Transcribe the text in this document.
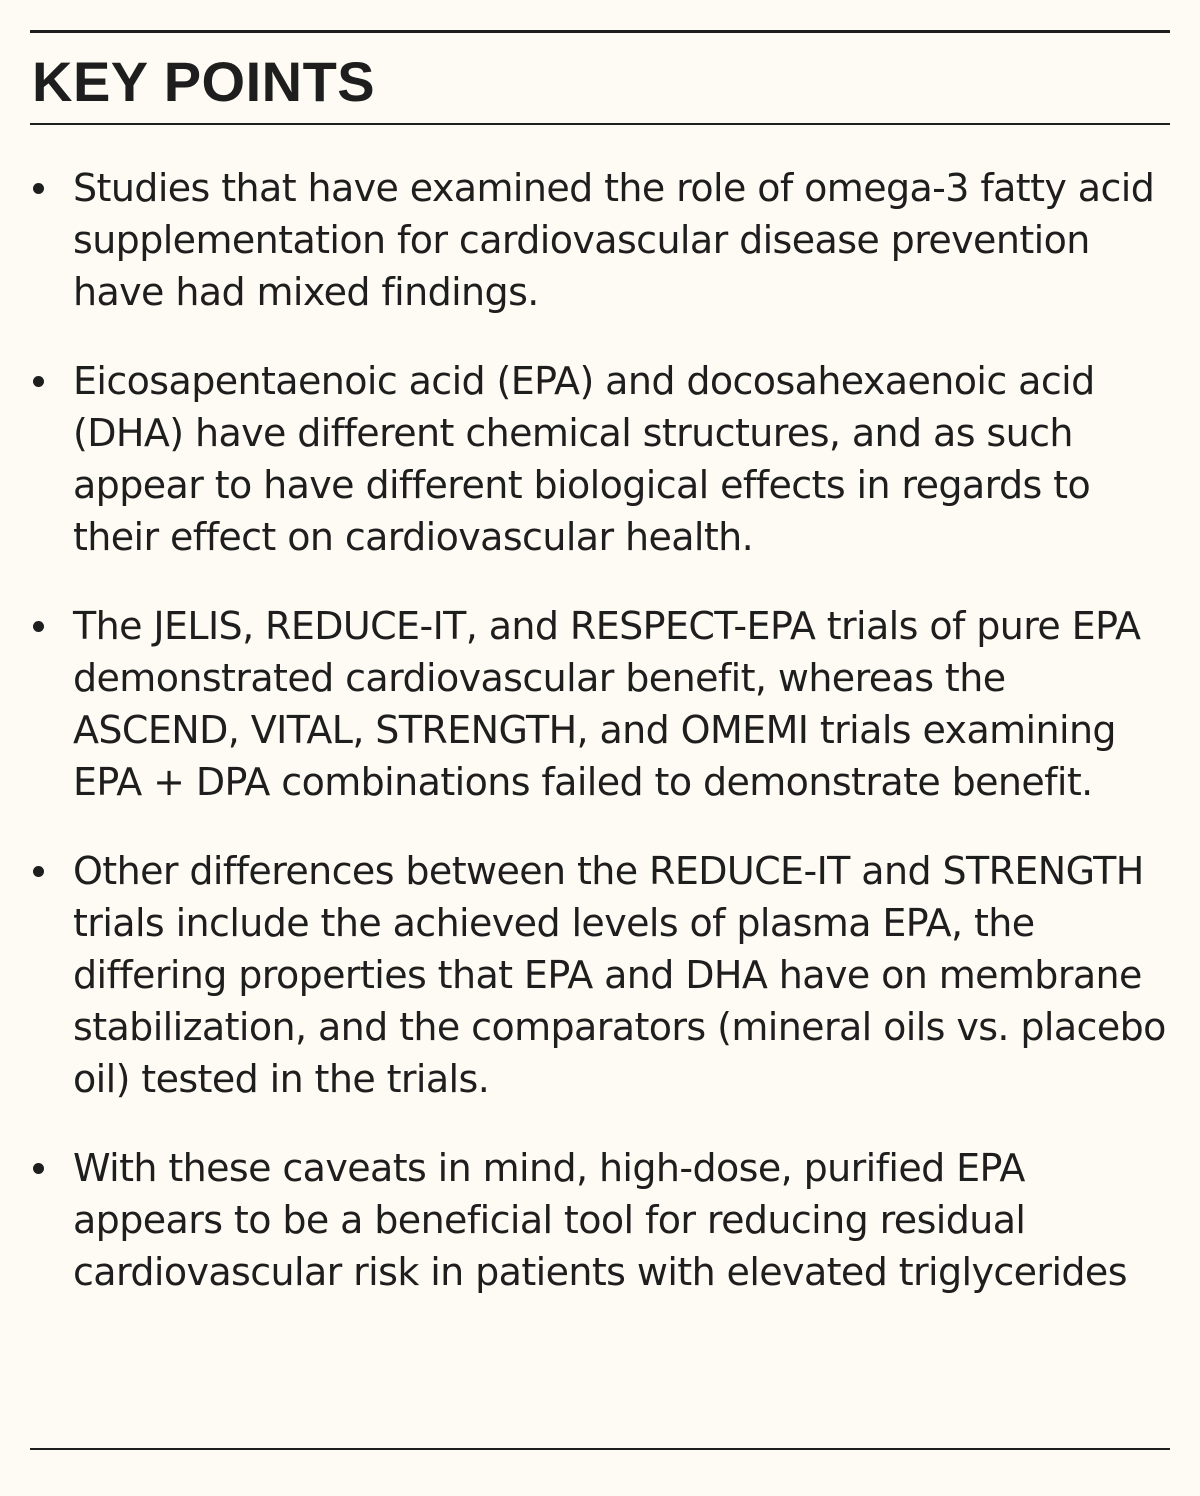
KEY POINTS
Studies that have examined the role of omega-3 fatty acid supplementation for cardiovascular disease prevention have had mixed findings.
Eicosapentaenoic acid (EPA) and docosahexaenoic acid (DHA) have different chemical structures, and as such appear to have different biological effects in regards to their effect on cardiovascular health.
The JELIS, REDUCE-IT, and RESPECT-EPA trials of pure EPA demonstrated cardiovascular benefit, whereas the ASCEND, VITAL, STRENGTH, and OMEMI trials examining EPA + DPA combinations failed to demonstrate benefit.
Other differences between the REDUCE-IT and STRENGTH trials include the achieved levels of plasma EPA, the differing properties that EPA and DHA have on membrane stabilization, and the comparators (mineral oils vs. placebo oil) tested in the trials.
With these caveats in mind, high-dose, purified EPA appears to be a beneficial tool for reducing residual cardiovascular risk in patients with elevated triglycerides
